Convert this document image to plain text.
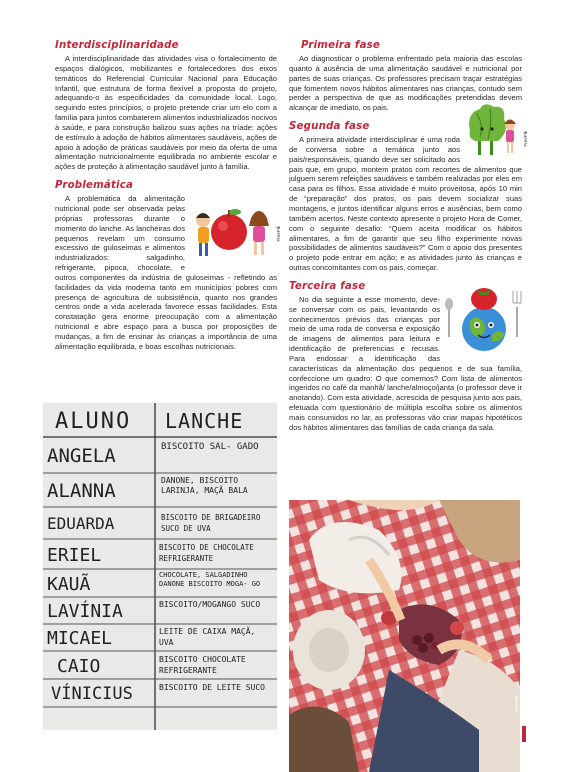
Interdisciplinaridade

A interdisciplinaridade das atividades visa o fortalecimento de espaços dialógicos, mobilizantes e fortalecedores dos eixos temáticos do Referencial Curricular Nacional para Educação Infantil, que estrutura de forma flexível a proposta do projeto, adequando-o às especificidades da comunidade local. Logo, seguindo estes princípios, o projeto pretende criar um elo com a família para juntos combaterem alimentos industrializados nocivos à saúde, e para construção balizou suas ações na tríade: ações de estímulo à adoção de hábitos alimentares saudáveis, ações de apoio à adoção de práticas saudáveis por meio da oferta de uma alimentação nutricionalmente equilibrada no ambiente escolar e ações de proteção à alimentação saudável junto à família.

Problemática
FreePik

A problemática da alimentação nutricional pode ser observada pelas próprias professoras durante o momento do lanche. As lancheiras dos pequenos revelam um consumo excessivo de guloseimas e alimentos industrializados: salgadinho, refrigerante, pipoca, chocolate, e outros componentes da indústria de guloseimas - refletindo as facilidades da vida moderna tanto em municípios pobres com presença de agricultura de subsistência, quanto nos grandes centros onde a vida acelerada favorece essas facilidades. Esta constatação gera enorme preocupação com a alimentação nutricional e abre espaço para a busca por proposições de mudanças, a fim de ensinar às crianças a importância de uma alimentação equilibrada, e boas escolhas nutricionais.

ALUNO LANCHE
ANGELA	BISCOITO SAL- GADO
ALANNA	DANONE, BISCOITO LARINJA, MAÇÃ BALA
EDUARDA	BISCOITO DE BRIGADEIRO SUCO DE UVA
ERIEL	BISCOITO DE CHOCOLATE REFRIGERANTE
KAUÃ	CHOCOLATE, SALGADINHO DANONE BISCOITO MOGA- GO
LAVÍNIA	BISCOITO/MOGANGO SUCO
MICAEL	LEITE DE CAIXA MAÇÃ, UVA
CAIO	BISCOITO CHOCOLATE REFRIGERANTE
VÍNICIUS	BISCOITO DE LEITE SUCO
Primeira fase

Ao diagnosticar o problema enfrentado pela maioria das escolas quanto à ausência de uma alimentação saudável e nutricional por partes de suas crianças. Os professores precisam traçar estratégias que fomentem novos hábitos alimentares nas crianças, contudo sem perder a perspectiva de que as modificações pretendidas devem alcançar de imediato, os pais.

FreePik
Segunda fase

A primeira atividade interdisciplinar é uma roda de conversa sobre a temática junto aos pais/responsáveis, quando deve ser solicitado aos pais que, em grupo, montem pratos com recortes de alimentos que julguem serem refeições saudáveis e também realizadas por eles em casa para os filhos. Essa atividade é muito proveitosa, após 10 min de “preparação” dos pratos, os pais devem socializar suas montagens, e juntos identificar alguns erros e ausências, bem como também acertos. Neste contexto apresente o projeto Hora de Comer, com o seguinte desafio: “Quem aceita modificar os hábitos alimentares, a fim de garantir que seu filho experimente novas possibilidades de alimentos saudáveis?” Com o apoio dos presentes o projeto pode entrar em ação; e as atividades junto às crianças e outras concomitantes com os pais, começar.

Terceira fase

No dia seguinte a esse momento, deve-se conversar com os pais, levantando os conhecimentos prévios das crianças por meio de uma roda de conversa e exposição de imagens de alimentos para leitura e identificação de preferencias e recusas. Para endossar a identificação das características da alimentação dos pequenos e de sua família, confeccione um quadro: O que comemos? Com lista de alimentos ingeridos no café da manhã/ lanche/almoço/janta (o professor deve ir anotando). Com esta atividade, acrescida de pesquisa junto aos pais, efetuada com questionário de múltipla escolha sobre os alimentos mais consumidos no lar, as professoras vão criar mapas hipotéticos dos hábitos alimentares das famílias de cada criança da sala.

FreePik
